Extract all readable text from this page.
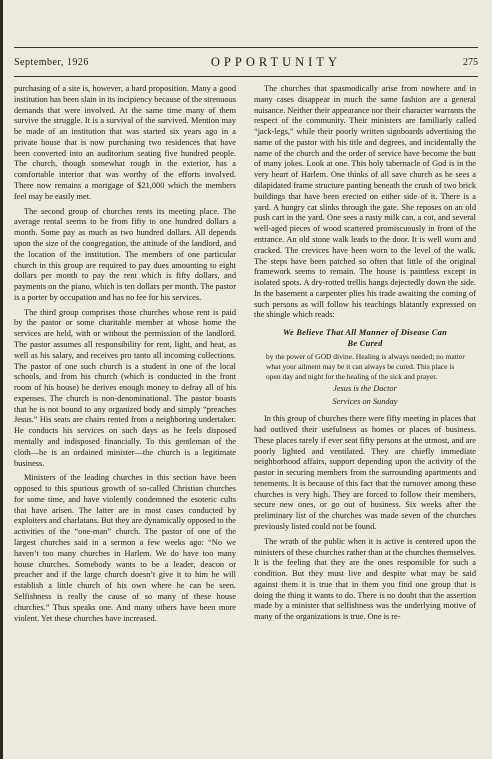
September, 1926	OPPORTUNITY	275

purchasing of a site is, however, a hard proposition. Many a good institution has been slain in its incipiency because of the strenuous demands that were involved. At the same time many of them survive the struggle. It is a survival of the survived. Mention may be made of an institution that was started six years ago in a private house that is now purchasing two residences that have been converted into an auditorium seating five hundred people. The church, though somewhat rough in the exterior, has a comfortable interior that was worthy of the efforts involved. There now remains a mortgage of $21,000 which the members feel may be easily met.

The second group of churches rents its meeting place. The average rental seems to be from fifty to one hundred dollars a month. Some pay as much as two hundred dollars. All depends upon the size of the congregation, the attitude of the landlord, and the location of the institution. The members of one particular church in this group are required to pay dues amounting to eight dollars per month to pay the rent which is fifty dollars, and payments on the piano, which is ten dollars per month. The pastor is a porter by occupation and has no fee for his services.

The third group comprises those churches whose rent is paid by the pastor or some charitable member at whose home the services are held, with or without the permission of the landlord. The pastor assumes all responsibility for rent, light, and heat, as well as his salary, and receives pro tanto all incoming collections. The pastor of one such church is a student in one of the local schools, and from his church (which is conducted in the front room of his house) he derives enough money to defray all of his expenses. The church is non-denominational. The pastor boasts that he is not bound to any organized body and simply “preaches Jesus.” His seats are chairs rented from a neighboring undertaker. He conducts his services on such days as he feels disposed mentally and indisposed financially. To this gentleman of the cloth—he is an ordained minister—the church is a legitimate business.

Ministers of the leading churches in this section have been opposed to this spurious growth of so-called Christian churches for some time, and have violently condemned the esoteric cults that have arisen. The latter are in most cases conducted by exploiters and charlatans. But they are dynamically opposed to the activities of the “one-man” church. The pastor of one of the largest churches said in a sermon a few weeks ago: “No we haven’t too many churches in Harlem. We do have too many house churches. Somebody wants to be a leader, deacon or preacher and if the large church doesn’t give it to him he will establish a little church of his own where he can be seen. Selfishness is really the cause of so many of these house churches.” Thus speaks one. And many others have been more violent. Yet these churches have increased.

The churches that spasmodically arise from nowhere and in many cases disappear in much the same fashion are a general nuisance. Neither their appearance nor their character warrants the respect of the community. Their ministers are familiarly called “jack-legs,” while their poorly written signboards advertising the name of the pastor with his title and degrees, and incidentally the name of the church and the order of service have become the butt of many jokes. Look at one. This holy tabernacle of God is in the very heart of Harlem. One thinks of all save church as he sees a dilapidated frame structure panting beneath the crush of two brick buildings that have been erected on either side of it. There is a yard. A hungry cat slinks through the gate. She reposes on an old push cart in the yard. One sees a rusty milk can, a cot, and several well-aged pieces of wood scattered promiscuously in front of the entrance. An old stone walk leads to the door. It is well worn and cracked. The crevices have been worn to the level of the walk. The steps have been patched so often that little of the original framework seems to remain. The house is paintless except in isolated spots. A dry-rotted trellis hangs dejectedly down the side. In the basement a carpenter plies his trade awaiting the coming of such persons as will follow his teachings blatantly expressed on the shingle which reads:

We Believe That All Manner of Disease Can
Be Cured
by the power of GOD divine. Healing is always needed; no matter what your ailment may be it can always be cured. This place is open day and night for the healing of the sick and prayer.
Jesus is the Doctor
Services on Sunday

In this group of churches there were fifty meeting in places that had outlived their usefulness as homes or places of business. These places rarely if ever seat fifty persons at the utmost, and are poorly lighted and ventilated. They are chiefly immediate neighborhood affairs, support depending upon the activity of the pastor in securing members from the surrounding apartments and tenements. It is because of this fact that the turnover among these churches is very high. They are forced to follow their members, secure new ones, or go out of business. Six weeks after the preliminary list of the churches was made seven of the churches previously listed could not be found.

The wrath of the public when it is active is centered upon the ministers of these churches rather than at the churches themselves. It is the feeling that they are the ones responsible for such a condition. But they must live and despite what may be said against them it is true that in them you find one group that is doing the thing it wants to do. There is no doubt that the assertion made by a minister that selfishness was the underlying motive of many of the organizations is true. One is re-
